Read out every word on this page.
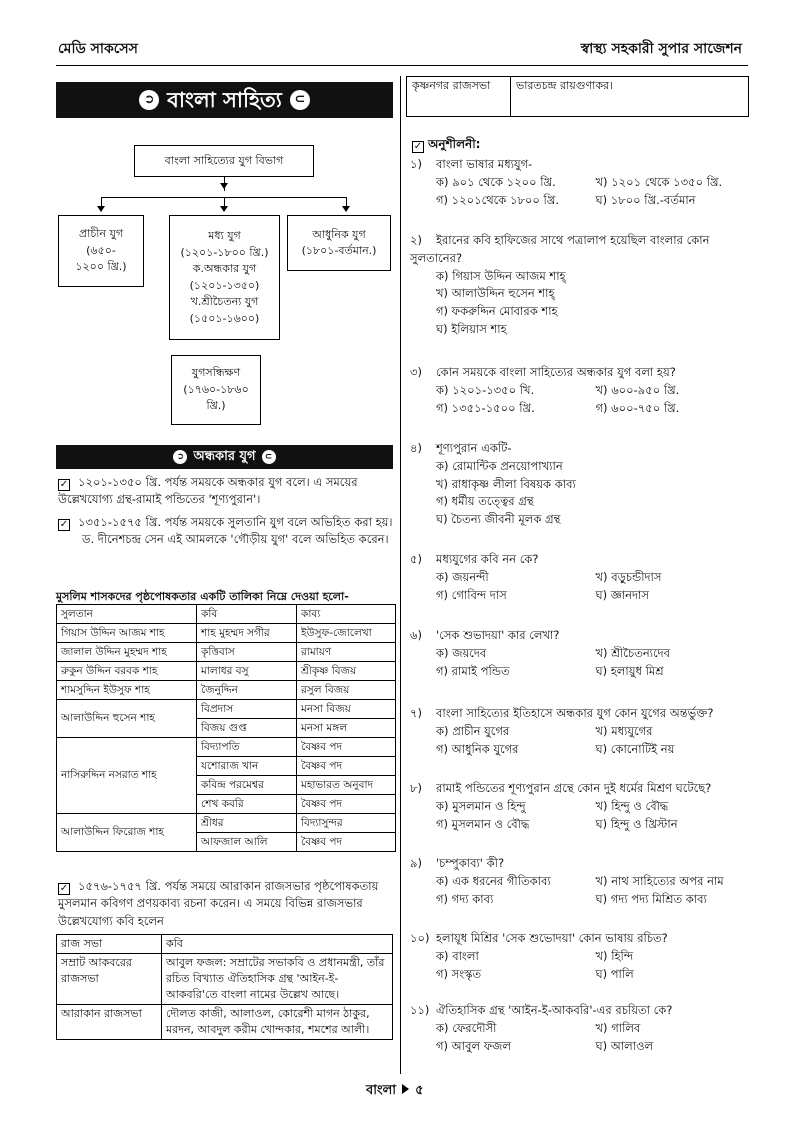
মেডি সাকসেস	স্বাস্থ্য সহকারী সুপার সাজেশন
➲ বাংলা সাহিত্য ⊂
বাংলা সাহিত্যের যুগ বিভাগ
প্রাচীন যুগ
(৬৫০-
১২০০ খ্রি.)
মধ্য যুগ
(১২০১-১৮০০ খ্রি.)
ক.অন্ধকার যুগ
(১২০১-১৩৫০)
খ.শ্রীচৈতন্য যুগ
(১৫০১-১৬০০)
আধুনিক যুগ
(১৮০১-বর্তমান.)
যুগসন্ধিক্ষণ
(১৭৬০-১৮৬০
খ্রি.)
➲ অন্ধকার যুগ	⊂
✓ ১২০১-১৩৫০ খ্রি. পর্যন্ত সময়কে অন্ধকার যুগ বলে। এ সময়ের উল্লেখযোগ্য গ্রন্থ-রামাই পন্ডিতের 'শূণ্যপুরান'।
✓ ১৩৫১-১৫৭৫ খ্রি. পর্যন্ত সময়কে সুলতানি যুগ বলে অভিহিত করা হয়।
ড. দীনেশচন্দ্র সেন এই আমলকে 'গৌড়ীয় যুগ' বলে অভিহিত করেন।
মুসলিম শাসকদের পৃষ্ঠপোষকতার একটি তালিকা নিম্নে দেওয়া হলো-
সুলতান	কবি	কাব্য
গিয়াস উদ্দিন আজম শাহ	শাহ মুহম্মদ সগীর	ইউসুফ-জোলেখা
জালাল উদ্দিন মুহম্মদ শাহ	কৃত্তিবাস	রামায়ণ
রুকুন উদ্দিন বরবক শাহ	মালাধর বসু	শ্রীকৃষ্ণ বিজয়
শামসুদ্দিন ইউসুফ শাহ	জৈনুদ্দিন	রসুল বিজয়
আলাউদ্দিন হুসেন শাহ	বিপ্রদাস	মনসা বিজয়
	বিজয় গুপ্ত	মনসা মঙ্গল
নাসিরুদ্দিন নসরাত শাহ	বিদ্যাপতি	বৈষ্ণব পদ
	যশোরাজ খান	বৈষ্ণব পদ
	কবিন্দ্র পরমেশ্বর	মহাভারত অনুবাদ
	শেখ কবরি	বৈষ্ণব পদ
আলাউদ্দিন ফিরোজ শাহ	শ্রীধর	বিদ্যাসুন্দর
	আফজাল আলি	বৈষ্ণব পদ
✓ ১৫৭৬-১৭৫৭ খ্রি. পর্যন্ত সময়ে আরাকান রাজসভার পৃষ্ঠপোষকতায় মুসলমান কবিগণ প্রণয়কাব্য রচনা করেন। এ সময়ে বিভিন্ন রাজসভার উল্লেখযোগ্য কবি হলেন
রাজ সভা	কবি
সম্রাট আকবরের রাজসভা	আবুল ফজল: সম্রাটের সভাকবি ও প্রধানমন্ত্রী, তাঁর রচিত বিখ্যাত ঐতিহাসিক গ্রন্থ 'আইন-ই-আকবরি'তে বাংলা নামের উল্লেখ আছে।
আরাকান রাজসভা	দৌলত কাজী, আলাওল, কোরেশী মাগন ঠাকুর, মরদন, আবদুল করীম খোন্দকার, শমশের আলী।
কৃষ্ণনগর রাজসভা	ভারতচন্দ্র রায়গুণাকর।
✓ অনুশীলনী:
১) বাংলা ভাষার মধ্যযুগ-
ক) ৯০১ থেকে ১২০০ খ্রি.	খ) ১২০১ থেকে ১৩৫০ খ্রি.
গ) ১২০১থেকে ১৮০০ খ্রি.	ঘ) ১৮০০ খ্রি.-বর্তমান
২) ইরানের কবি হাফিজের সাথে পত্রালাপ হয়েছিল বাংলার কোন সুলতানের?
ক) গিয়াস উদ্দিন আজম শাহ্
খ) আলাউদ্দিন হুসেন শাহ্
গ) ফকরুদ্দিন মোবারক শাহ
ঘ) ইলিয়াস শাহ
৩) কোন সময়কে বাংলা সাহিত্যের অন্ধকার যুগ বলা হয়?
ক) ১২০১-১৩৫০ খি.	খ) ৬০০-৯৫০ খ্রি.
গ) ১৩৫১-১৫০০ খ্রি.	গ) ৬০০-৭৫০ খ্রি.
৪) শূণ্যপুরান একটি-
ক) রোমান্টিক প্রনয়োপাখ্যান
খ) রাধাকৃষ্ণ লীলা বিষয়ক কাব্য
গ) ধর্মীয় তত্ত্বের গ্রন্থ
ঘ) চৈতন্য জীবনী মূলক গ্রন্থ
৫) মধ্যযুগের কবি নন কে?
ক) জয়নন্দী	খ) বড়ুচন্ডীদাস
গ) গোবিন্দ দাস	ঘ) জ্ঞানদাস
৬) 'সেক শুভাদয়া' কার লেখা?
ক) জয়দেব	খ) শ্রীচৈতন্যদেব
গ) রামাই পন্ডিত	ঘ) হলায়ুধ মিশ্র
৭) বাংলা সাহিত্যের ইতিহাসে অন্ধকার যুগ কোন যুগের অন্তর্ভুক্ত?
ক) প্রাচীন যুগের	খ) মধ্যযুগের
গ) আধুনিক যুগের	ঘ) কোনোটিই নয়
৮) রামাই পন্ডিতের শূণ্যপুরান গ্রন্থে কোন দুই ধর্মের মিশ্রণ ঘটেছে?
ক) মুসলমান ও হিন্দু	খ) হিন্দু ও বৌদ্ধ
গ) মুসলমান ও বৌদ্ধ	ঘ) হিন্দু ও খ্রিস্টান
৯) 'চম্পুকাব্য' কী?
ক) এক ধরনের গীতিকাব্য	খ) নাথ সাহিত্যের অপর নাম
গ) গদ্য কাব্য	ঘ) গদ্য পদ্য মিশ্রিত কাব্য
১০) হলায়ূধ মিশ্রির 'সেক শুভোদয়া' কোন ভাষায় রচিত?
ক) বাংলা	খ) হিন্দি
গ) সংস্কৃত	ঘ) পালি
১১) ঐতিহাসিক গ্রন্থ 'আইন-ই-আকবরি'-এর রচয়িতা কে?
ক) ফেরদৌসী	খ) গালিব
গ) আবুল ফজল	ঘ) আলাওল
বাংলা ৫
